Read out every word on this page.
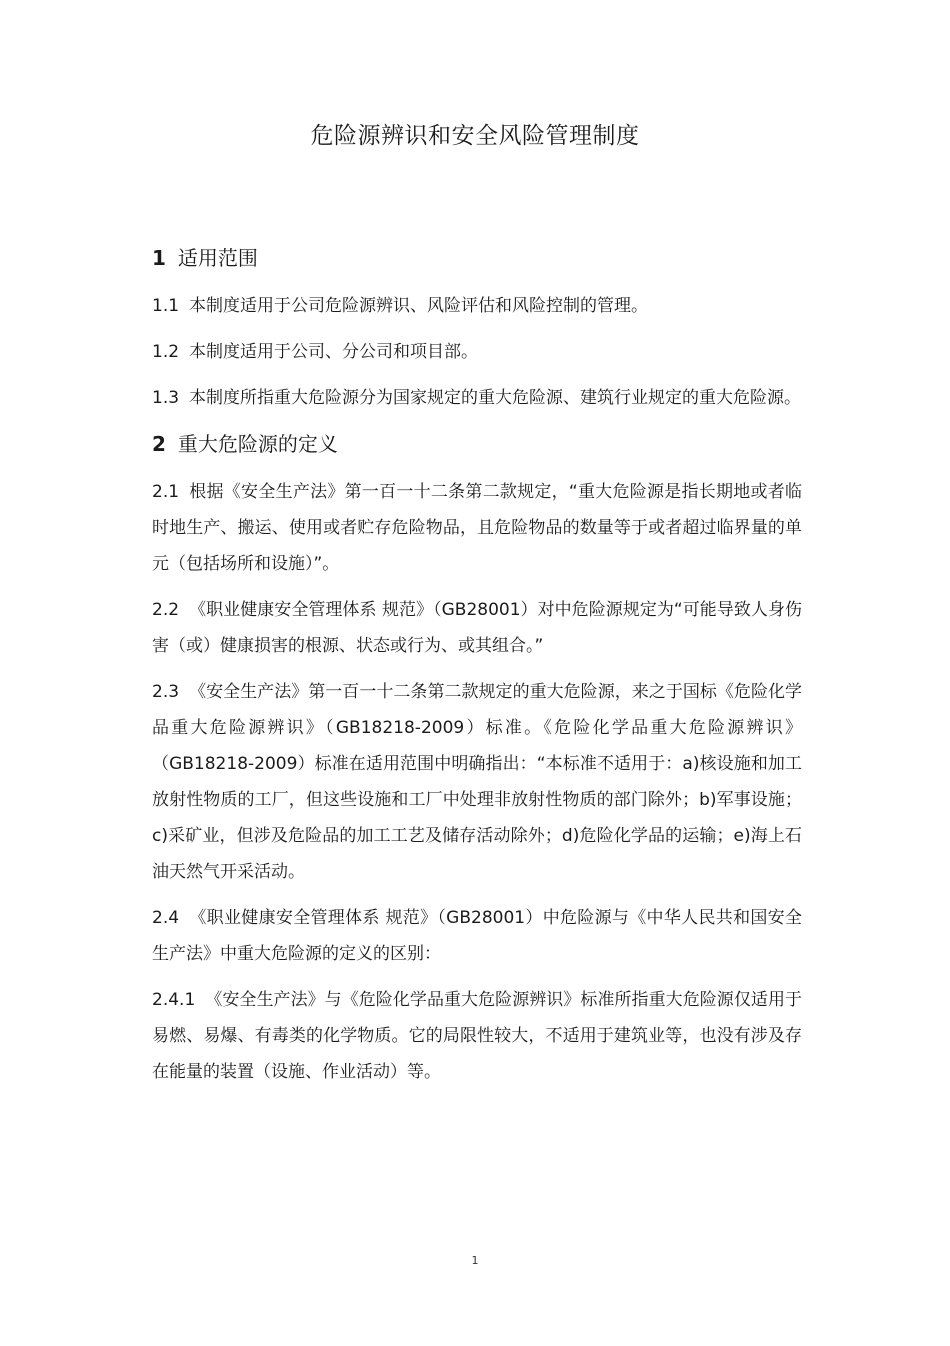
危险源辨识和安全风险管理制度
1 适用范围

1.1 本制度适用于公司危险源辨识、风险评估和风险控制的管理。

1.2 本制度适用于公司、分公司和项目部。

1.3 本制度所指重大危险源分为国家规定的重大危险源、建筑行业规定的重大危险源。

2 重大危险源的定义

2.1 根据《安全生产法》第一百一十二条第二款规定，“重大危险源是指长期地或者临时地生产、搬运、使用或者贮存危险物品，且危险物品的数量等于或者超过临界量的单元（包括场所和设施）”。

2.2 《职业健康安全管理体系 规范》（GB28001）对中危险源规定为“可能导致人身伤害（或）健康损害的根源、状态或行为、或其组合。”

2.3 《安全生产法》第一百一十二条第二款规定的重大危险源，来之于国标《危险化学品重大危险源辨识》（GB18218-2009）标准。《危险化学品重大危险源辨识》（GB18218-2009）标准在适用范围中明确指出：“本标准不适用于：a)核设施和加工放射性物质的工厂，但这些设施和工厂中处理非放射性物质的部门除外；b)军事设施；c)采矿业，但涉及危险品的加工工艺及储存活动除外；d)危险化学品的运输；e)海上石油天然气开采活动。

2.4 《职业健康安全管理体系 规范》（GB28001）中危险源与《中华人民共和国安全生产法》中重大危险源的定义的区别：

2.4.1 《安全生产法》与《危险化学品重大危险源辨识》标准所指重大危险源仅适用于易燃、易爆、有毒类的化学物质。它的局限性较大，不适用于建筑业等，也没有涉及存在能量的装置（设施、作业活动）等。

1
